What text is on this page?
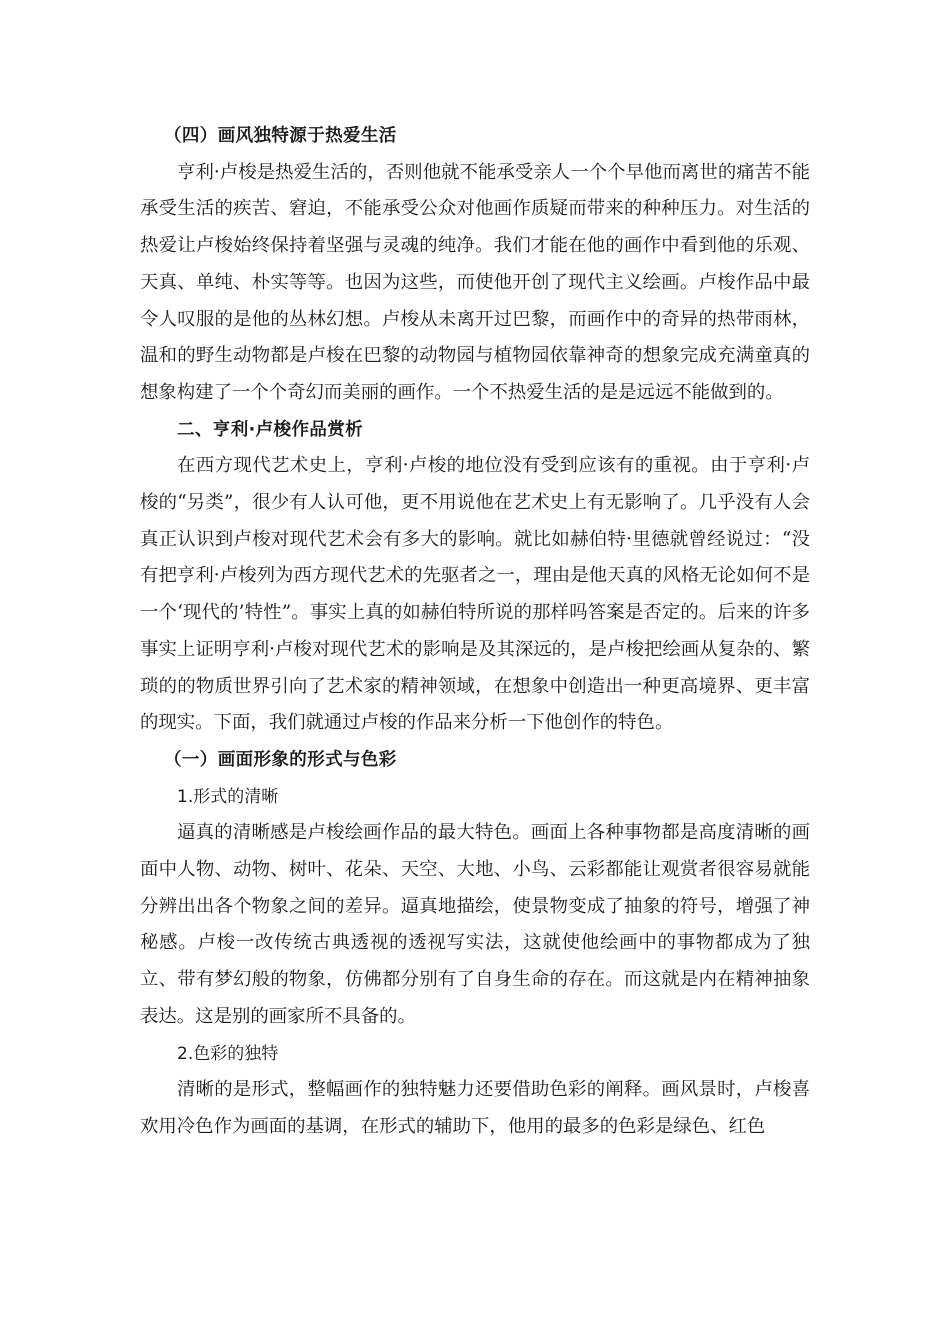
（四）画风独特源于热爱生活

亨利·卢梭是热爱生活的，否则他就不能承受亲人一个个早他而离世的痛苦不能承受生活的疾苦、窘迫，不能承受公众对他画作质疑而带来的种种压力。对生活的热爱让卢梭始终保持着坚强与灵魂的纯净。我们才能在他的画作中看到他的乐观、天真、单纯、朴实等等。也因为这些，而使他开创了现代主义绘画。卢梭作品中最令人叹服的是他的丛林幻想。卢梭从未离开过巴黎，而画作中的奇异的热带雨林，温和的野生动物都是卢梭在巴黎的动物园与植物园依靠神奇的想象完成充满童真的想象构建了一个个奇幻而美丽的画作。一个不热爱生活的是是远远不能做到的。

二、亨利·卢梭作品赏析

在西方现代艺术史上，亨利·卢梭的地位没有受到应该有的重视。由于亨利·卢梭的“另类”，很少有人认可他，更不用说他在艺术史上有无影响了。几乎没有人会真正认识到卢梭对现代艺术会有多大的影响。就比如赫伯特·里德就曾经说过：“没有把亨利·卢梭列为西方现代艺术的先驱者之一，理由是他天真的风格无论如何不是一个‘现代的’特性”。事实上真的如赫伯特所说的那样吗答案是否定的。后来的许多事实上证明亨利·卢梭对现代艺术的影响是及其深远的，是卢梭把绘画从复杂的、繁琐的的物质世界引向了艺术家的精神领域，在想象中创造出一种更高境界、更丰富的现实。下面，我们就通过卢梭的作品来分析一下他创作的特色。

（一）画面形象的形式与色彩

1.形式的清晰

逼真的清晰感是卢梭绘画作品的最大特色。画面上各种事物都是高度清晰的画面中人物、动物、树叶、花朵、天空、大地、小鸟、云彩都能让观赏者很容易就能分辨出出各个物象之间的差异。逼真地描绘，使景物变成了抽象的符号，增强了神秘感。卢梭一改传统古典透视的透视写实法，这就使他绘画中的事物都成为了独立、带有梦幻般的物象，仿佛都分别有了自身生命的存在。而这就是内在精神抽象表达。这是别的画家所不具备的。

2.色彩的独特

清晰的是形式，整幅画作的独特魅力还要借助色彩的阐释。画风景时，卢梭喜欢用冷色作为画面的基调，在形式的辅助下，他用的最多的色彩是绿色、红色
